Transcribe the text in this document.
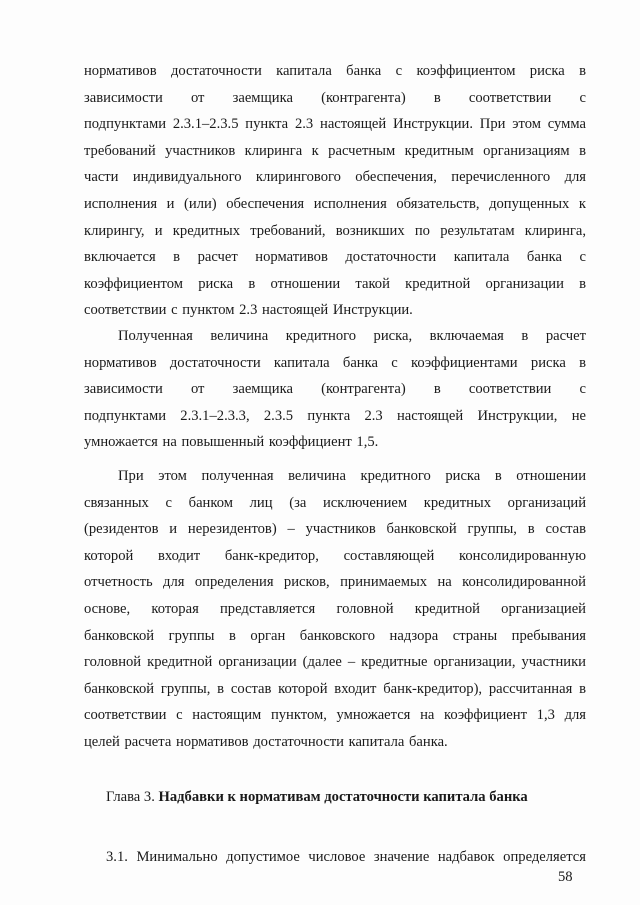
нормативов достаточности капитала банка с коэффициентом риска в
зависимости от заемщика (контрагента) в соответствии с
подпунктами 2.3.1–2.3.5 пункта 2.3 настоящей Инструкции. При этом сумма
требований участников клиринга к расчетным кредитным организациям в
части индивидуального клирингового обеспечения, перечисленного для
исполнения и (или) обеспечения исполнения обязательств, допущенных к
клирингу, и кредитных требований, возникших по результатам клиринга,
включается в расчет нормативов достаточности капитала банка с
коэффициентом риска в отношении такой кредитной организации в
соответствии с пунктом 2.3 настоящей Инструкции.
Полученная величина кредитного риска, включаемая в расчет
нормативов достаточности капитала банка с коэффициентами риска в
зависимости от заемщика (контрагента) в соответствии с
подпунктами 2.3.1–2.3.3, 2.3.5 пункта 2.3 настоящей Инструкции, не
умножается на повышенный коэффициент 1,5.
При этом полученная величина кредитного риска в отношении
связанных с банком лиц (за исключением кредитных организаций
(резидентов и нерезидентов) – участников банковской группы, в состав
которой входит банк-кредитор, составляющей консолидированную
отчетность для определения рисков, принимаемых на консолидированной
основе, которая представляется головной кредитной организацией
банковской группы в орган банковского надзора страны пребывания
головной кредитной организации (далее – кредитные организации, участники
банковской группы, в состав которой входит банк-кредитор), рассчитанная в
соответствии с настоящим пунктом, умножается на коэффициент 1,3 для
целей расчета нормативов достаточности капитала банка.
Глава 3. Надбавки к нормативам достаточности капитала банка
3.1. Минимально допустимое числовое значение надбавок определяется
58
